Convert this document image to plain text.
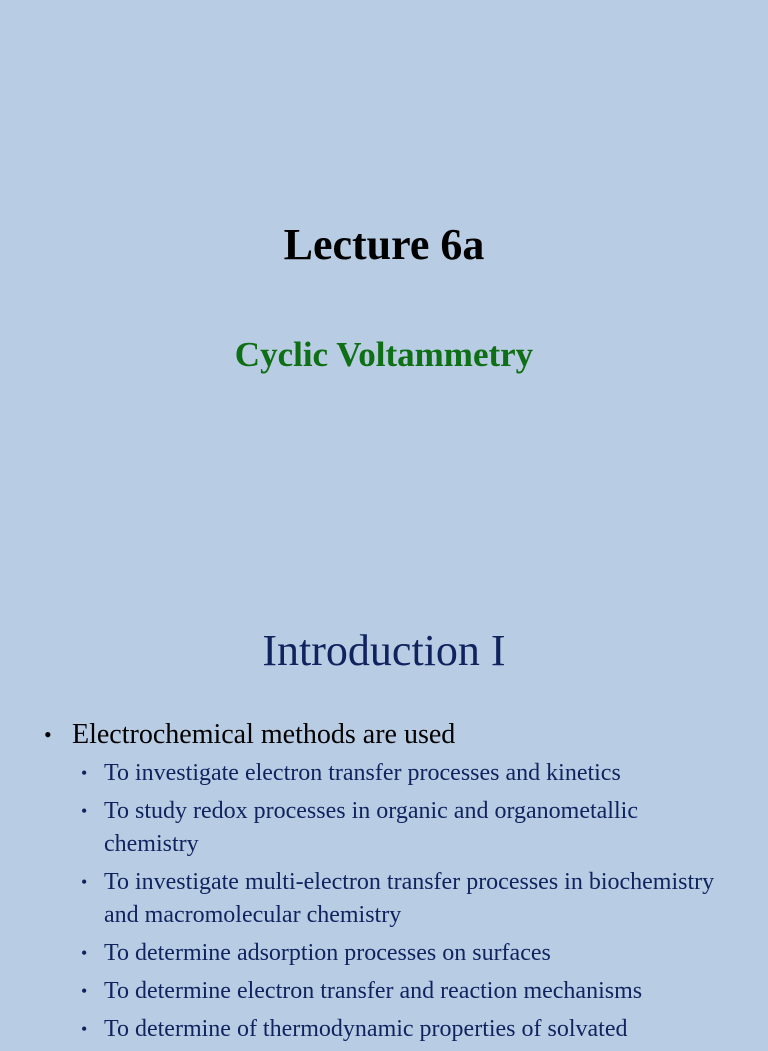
Lecture 6a
Cyclic Voltammetry
Introduction I
• Electrochemical methods are used
• To investigate electron transfer processes and kinetics
• To study redox processes in organic and organometallic chemistry
• To investigate multi-electron transfer processes in biochemistry and macromolecular chemistry
• To determine adsorption processes on surfaces
• To determine electron transfer and reaction mechanisms
• To determine of thermodynamic properties of solvated
